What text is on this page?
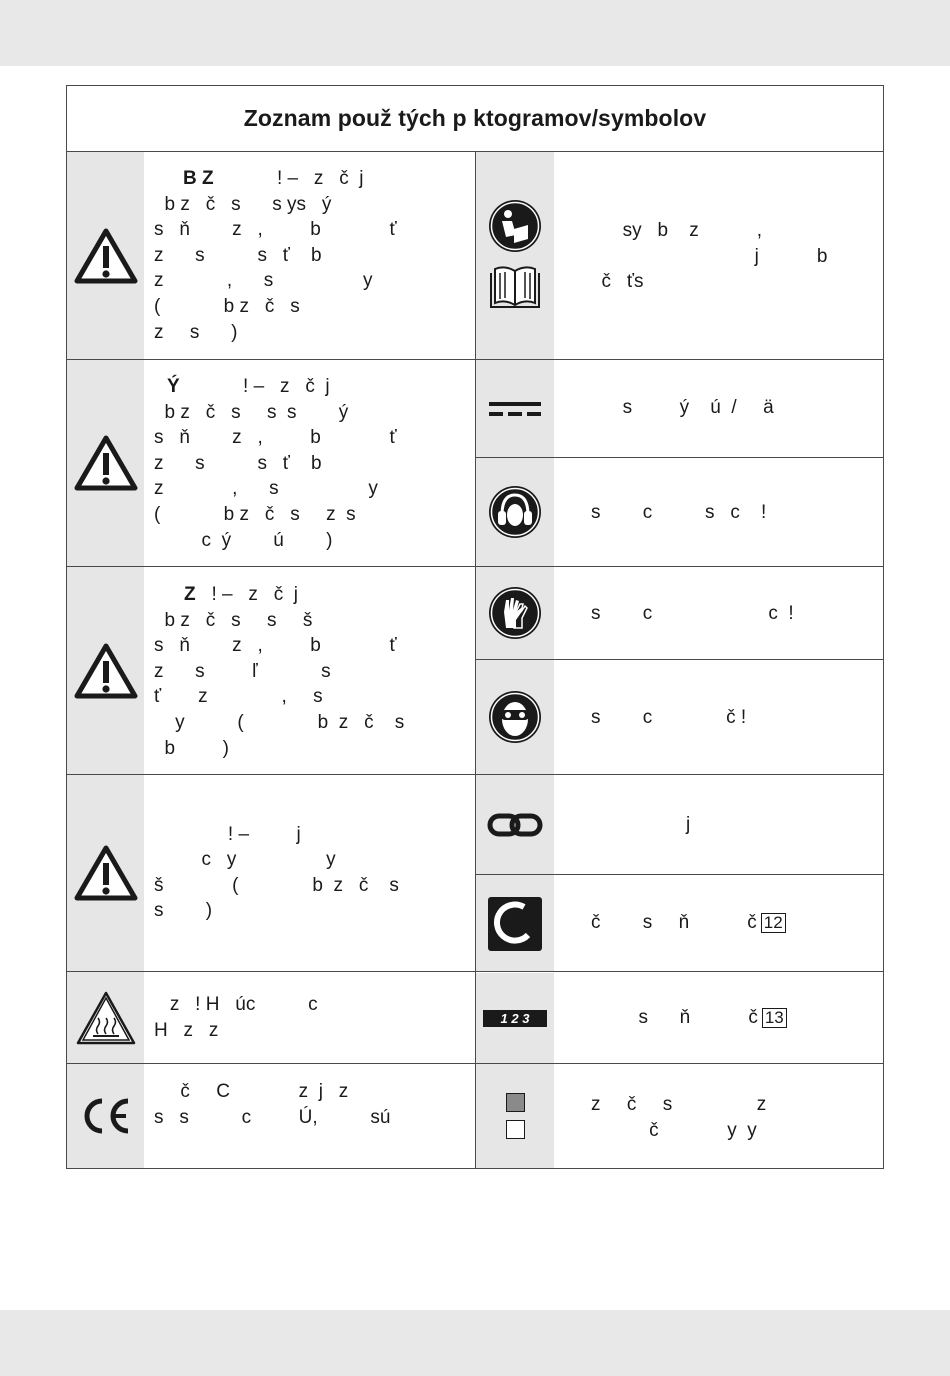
Zoznam použ tých p ktogramov/symbolov
1 2 3
B Z	! –   z   č  j
b z   č   s      s ys   ý
s   ň        z   ,         b             ť
z      s          s   ť    b
z            ,      s                 y
(            b z   č   s
z     s      )
Ý	! –   z   č  j
b z   č   s     s  s        ý
s   ň        z   ,         b             ť
z      s          s   ť    b
z             ,      s                 y
(            b z   č   s     z  s
c  ý        ú        )
Z   ! –   z   č  j
b z   č   s     s     š
s   ň        z   ,         b             ť
z      s         ľ            s
ť       z              ,     s
y          (              b  z   č    s
b         )

! –         j
c   y                 y
š             (              b  z   č    s
s        )
z   ! H   úc          c
H   z   z
č     C             z  j   z
s   s          c         Ú,          sú
sy   b    z           ,
j           b
č   ťs
s         ý    ú  /     ä
s        c          s   c    !
s        c                      c  !
s        c              č !
j
č        s     ň           č 12
s      ň           č 13
z     č     s                z
č             y  y
